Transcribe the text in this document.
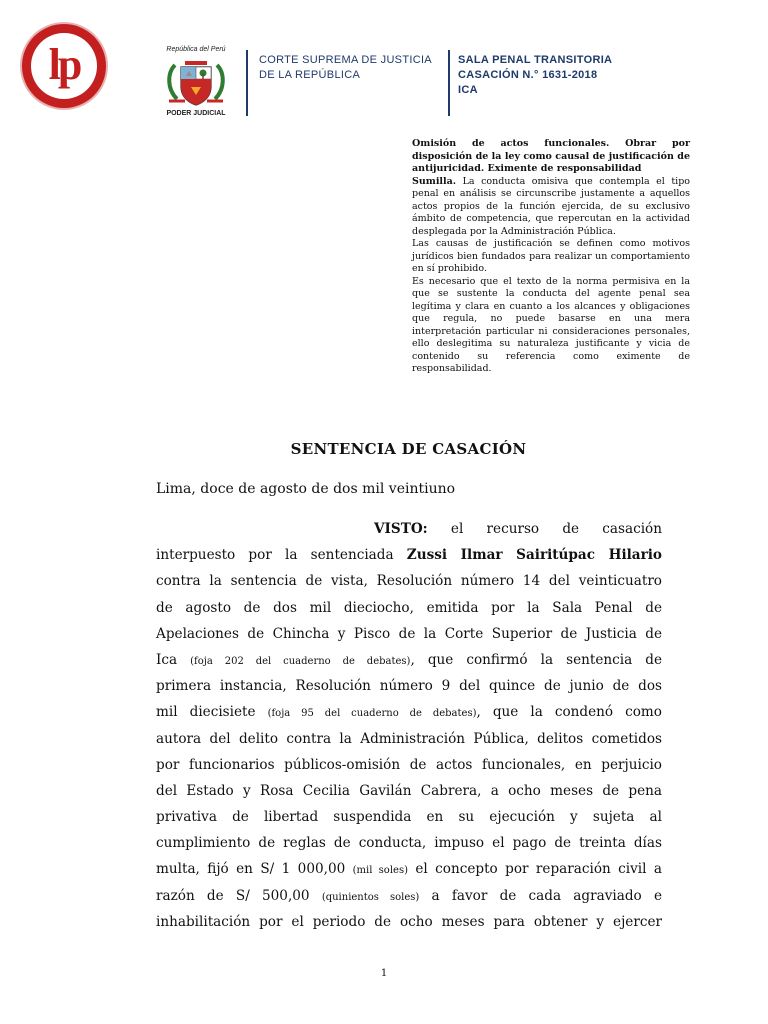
lp	República del Perú
PODER JUDICIAL
CORTE SUPREMA DE JUSTICIA
DE LA REPÚBLICA
SALA PENAL TRANSITORIA
CASACIÓN N.° 1631-2018
ICA

Omisión de actos funcionales. Obrar por disposición de la ley como causal de justificación de antijuricidad. Eximente de responsabilidad

Sumilla. La conducta omisiva que contempla el tipo penal en análisis se circunscribe justamente a aquellos actos propios de la función ejercida, de su exclusivo ámbito de competencia, que repercutan en la actividad desplegada por la Administración Pública.

Las causas de justificación se definen como motivos jurídicos bien fundados para realizar un comportamiento en sí prohibido.

Es necesario que el texto de la norma permisiva en la que se sustente la conducta del agente penal sea legítima y clara en cuanto a los alcances y obligaciones que regula, no puede basarse en una mera interpretación particular ni consideraciones personales, ello deslegitima su naturaleza justificante y vicia de contenido su referencia como eximente de responsabilidad.

SENTENCIA DE CASACIÓN
Lima, doce de agosto de dos mil veintiuno
VISTO: el recurso de casación
interpuesto por la sentenciada Zussi Ilmar Sairitúpac Hilario
contra la sentencia de vista, Resolución número 14 del veinticuatro
de agosto de dos mil dieciocho, emitida por la Sala Penal de
Apelaciones de Chincha y Pisco de la Corte Superior de Justicia de
Ica (foja 202 del cuaderno de debates), que confirmó la sentencia de
primera instancia, Resolución número 9 del quince de junio de dos
mil diecisiete (foja 95 del cuaderno de debates), que la condenó como
autora del delito contra la Administración Pública, delitos cometidos
por funcionarios públicos-omisión de actos funcionales, en perjuicio
del Estado y Rosa Cecilia Gavilán Cabrera, a ocho meses de pena
privativa de libertad suspendida en su ejecución y sujeta al
cumplimiento de reglas de conducta, impuso el pago de treinta días
multa, fijó en S/ 1 000,00 (mil soles) el concepto por reparación civil a
razón de S/ 500,00 (quinientos soles) a favor de cada agraviado e
inhabilitación por el periodo de ocho meses para obtener y ejercer
1
